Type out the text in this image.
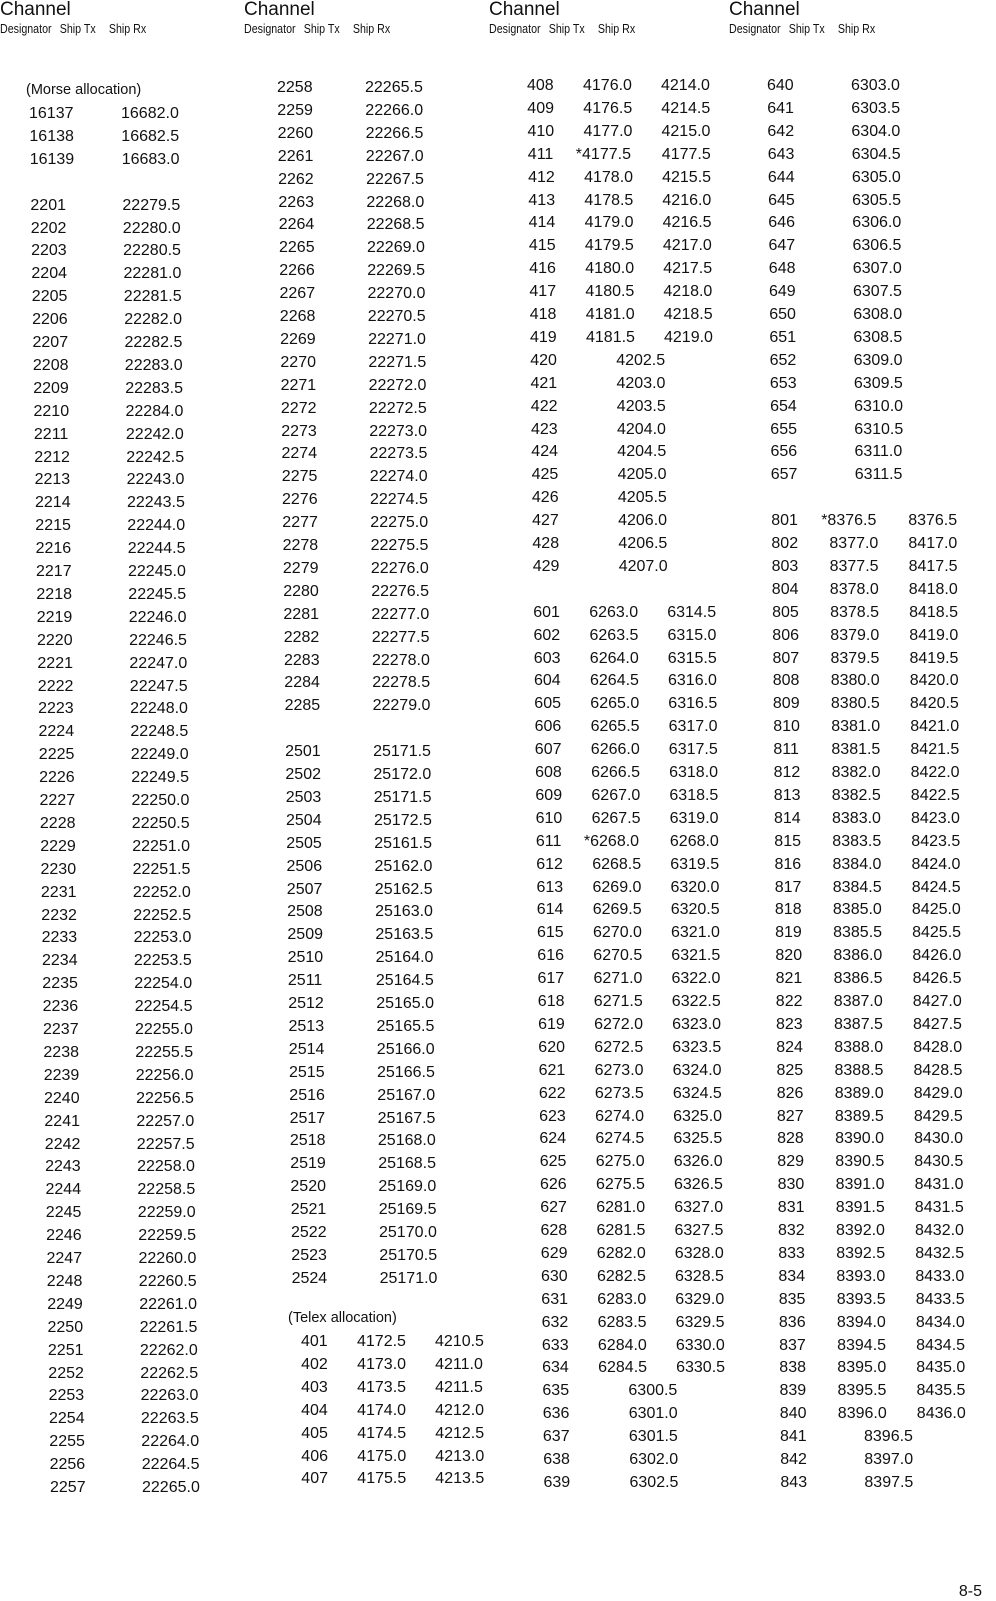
Channel
Designator Ship Tx Ship Rx
Channel
Designator Ship Tx Ship Rx
Channel
Designator Ship Tx Ship Rx
Channel
Designator Ship Tx Ship Rx
(Morse allocation)
(Telex allocation)
16137	16682.0
16138	16682.5
16139	16683.0
2201	22279.5
2202	22280.0
2203	22280.5
2204	22281.0
2205	22281.5
2206	22282.0
2207	22282.5
2208	22283.0
2209	22283.5
2210	22284.0
2211	22242.0
2212	22242.5
2213	22243.0
2214	22243.5
2215	22244.0
2216	22244.5
2217	22245.0
2218	22245.5
2219	22246.0
2220	22246.5
2221	22247.0
2222	22247.5
2223	22248.0
2224	22248.5
2225	22249.0
2226	22249.5
2227	22250.0
2228	22250.5
2229	22251.0
2230	22251.5
2231	22252.0
2232	22252.5
2233	22253.0
2234	22253.5
2235	22254.0
2236	22254.5
2237	22255.0
2238	22255.5
2239	22256.0
2240	22256.5
2241	22257.0
2242	22257.5
2243	22258.0
2244	22258.5
2245	22259.0
2246	22259.5
2247	22260.0
2248	22260.5
2249	22261.0
2250	22261.5
2251	22262.0
2252	22262.5
2253	22263.0
2254	22263.5
2255	22264.0
2256	22264.5
2257	22265.0
2258	22265.5
2259	22266.0
2260	22266.5
2261	22267.0
2262	22267.5
2263	22268.0
2264	22268.5
2265	22269.0
2266	22269.5
2267	22270.0
2268	22270.5
2269	22271.0
2270	22271.5
2271	22272.0
2272	22272.5
2273	22273.0
2274	22273.5
2275	22274.0
2276	22274.5
2277	22275.0
2278	22275.5
2279	22276.0
2280	22276.5
2281	22277.0
2282	22277.5
2283	22278.0
2284	22278.5
2285	22279.0
2501	25171.5
2502	25172.0
2503	25171.5
2504	25172.5
2505	25161.5
2506	25162.0
2507	25162.5
2508	25163.0
2509	25163.5
2510	25164.0
2511	25164.5
2512	25165.0
2513	25165.5
2514	25166.0
2515	25166.5
2516	25167.0
2517	25167.5
2518	25168.0
2519	25168.5
2520	25169.0
2521	25169.5
2522	25170.0
2523	25170.5
2524	25171.0
401 4172.5 4210.5
402 4173.0 4211.0
403 4173.5 4211.5
404 4174.0 4212.0
405 4174.5 4212.5
406 4175.0 4213.0
407 4175.5 4213.5
408 4176.0 4214.0
409 4176.5 4214.5
410 4177.0 4215.0
411 *4177.5 4177.5
412 4178.0 4215.5
413 4178.5 4216.0
414 4179.0 4216.5
415 4179.5 4217.0
416 4180.0 4217.5
417 4180.5 4218.0
418 4181.0 4218.5
419 4181.5 4219.0
420	4202.5
421	4203.0
422	4203.5
423	4204.0
424	4204.5
425	4205.0
426	4205.5
427	4206.0
428	4206.5
429	4207.0
601 6263.0 6314.5
602 6263.5 6315.0
603 6264.0 6315.5
604 6264.5 6316.0
605 6265.0 6316.5
606 6265.5 6317.0
607 6266.0 6317.5
608 6266.5 6318.0
609 6267.0 6318.5
610 6267.5 6319.0
611 *6268.0 6268.0
612 6268.5 6319.5
613 6269.0 6320.0
614 6269.5 6320.5
615 6270.0 6321.0
616 6270.5 6321.5
617 6271.0 6322.0
618 6271.5 6322.5
619 6272.0 6323.0
620 6272.5 6323.5
621 6273.0 6324.0
622 6273.5 6324.5
623 6274.0 6325.0
624 6274.5 6325.5
625 6275.0 6326.0
626 6275.5 6326.5
627 6281.0 6327.0
628 6281.5 6327.5
629 6282.0 6328.0
630 6282.5 6328.5
631 6283.0 6329.0
632 6283.5 6329.5
633 6284.0 6330.0
634 6284.5 6330.5
635	6300.5
636	6301.0
637	6301.5
638	6302.0
639	6302.5
640	6303.0
641	6303.5
642	6304.0
643	6304.5
644	6305.0
645	6305.5
646	6306.0
647	6306.5
648	6307.0
649	6307.5
650	6308.0
651	6308.5
652	6309.0
653	6309.5
654	6310.0
655	6310.5
656	6311.0
657	6311.5
801 *8376.5 8376.5
802 8377.0 8417.0
803 8377.5 8417.5
804 8378.0 8418.0
805 8378.5 8418.5
806 8379.0 8419.0
807 8379.5 8419.5
808 8380.0 8420.0
809 8380.5 8420.5
810 8381.0 8421.0
811 8381.5 8421.5
812 8382.0 8422.0
813 8382.5 8422.5
814 8383.0 8423.0
815 8383.5 8423.5
816 8384.0 8424.0
817 8384.5 8424.5
818 8385.0 8425.0
819 8385.5 8425.5
820 8386.0 8426.0
821 8386.5 8426.5
822 8387.0 8427.0
823 8387.5 8427.5
824 8388.0 8428.0
825 8388.5 8428.5
826 8389.0 8429.0
827 8389.5 8429.5
828 8390.0 8430.0
829 8390.5 8430.5
830 8391.0 8431.0
831 8391.5 8431.5
832 8392.0 8432.0
833 8392.5 8432.5
834 8393.0 8433.0
835 8393.5 8433.5
836 8394.0 8434.0
837 8394.5 8434.5
838 8395.0 8435.0
839 8395.5 8435.5
840 8396.0 8436.0
841	8396.5
842	8397.0
843	8397.5
8-5
